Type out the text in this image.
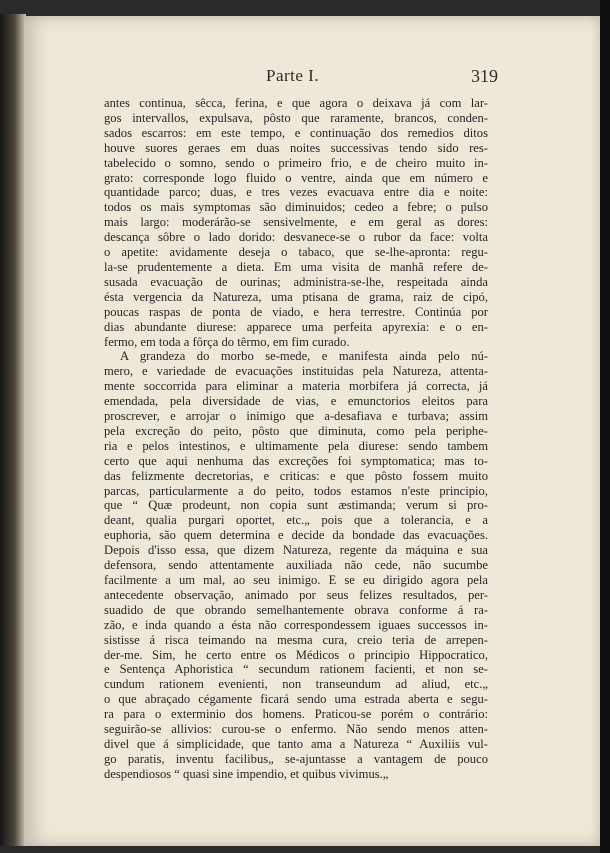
Parte I.	319
antes continua, sêcca, ferina, e que agora o deixava já com lar-
gos intervallos, expulsava, pôsto que raramente, brancos, conden-
sados escarros: em este tempo, e continuação dos remedios ditos
houve suores geraes em duas noites successivas tendo sido res-
tabelecido o somno, sendo o primeiro frio, e de cheiro muito in-
grato: corresponde logo fluido o ventre, ainda que em número e
quantidade parco; duas, e tres vezes evacuava entre dia e noite:
todos os mais symptomas são diminuidos; cedeo a febre; o pulso
mais largo: moderárão-se sensivelmente, e em geral as dores:
descança sôbre o lado dorido: desvanece-se o rubor da face: volta
o apetite: avidamente deseja o tabaco, que se-lhe-apronta: regu-
la-se prudentemente a dieta. Em uma visita de manhã refere de-
susada evacuação de ourinas; administra-se-lhe, respeitada ainda
ésta vergencia da Natureza, uma ptisana de grama, raiz de cipó,
poucas raspas de ponta de viado, e hera terrestre. Continúa por
dias abundante diurese: apparece uma perfeita apyrexia: e o en-
fermo, em toda a fôrça do têrmo, em fim curado.
A grandeza do morbo se-mede, e manifesta ainda pelo nú-
mero, e variedade de evacuações instituidas pela Natureza, attenta-
mente soccorrida para eliminar a materia morbifera já correcta, já
emendada, pela diversidade de vias, e emunctorios eleitos para
proscrever, e arrojar o inimigo que a-desafiava e turbava; assim
pela excreção do peito, pôsto que diminuta, como pela periphe-
ria e pelos intestinos, e ultimamente pela diurese: sendo tambem
certo que aqui nenhuma das excreções foi symptomatica; mas to-
das felizmente decretorias, e criticas: e que pôsto fossem muito
parcas, particularmente a do peito, todos estamos n'este principio,
que “ Quæ prodeunt, non copia sunt æstimanda; verum si pro-
deant, qualia purgari oportet, etc.„ pois que a tolerancia, e a
euphoria, são quem determina e decide da bondade das evacuações.
Depois d'isso essa, que dizem Natureza, regente da máquina e sua
defensora, sendo attentamente auxiliada não cede, não sucumbe
facilmente a um mal, ao seu inimigo. E se eu dirigido agora pela
antecedente observação, animado por seus felizes resultados, per-
suadido de que obrando semelhantemente obrava conforme á ra-
zão, e inda quando a ésta não correspondessem iguaes successos in-
sistisse á risca teimando na mesma cura, creio teria de arrepen-
der-me. Sim, he certo entre os Médicos o principio Hippocratico,
e Sentença Aphoristica “ secundum rationem facienti, et non se-
cundum rationem evenienti, non transeundum ad aliud, etc.„
o que abraçado cégamente ficará sendo uma estrada aberta e segu-
ra para o exterminio dos homens. Praticou-se porém o contrário:
seguirão-se allivios: curou-se o enfermo. Não sendo menos atten-
divel que á simplicidade, que tanto ama a Natureza “ Auxiliis vul-
go paratis, inventu facilibus„ se-ajuntasse a vantagem de pouco
despendiosos “ quasi sine impendio, et quibus vivimus.„
